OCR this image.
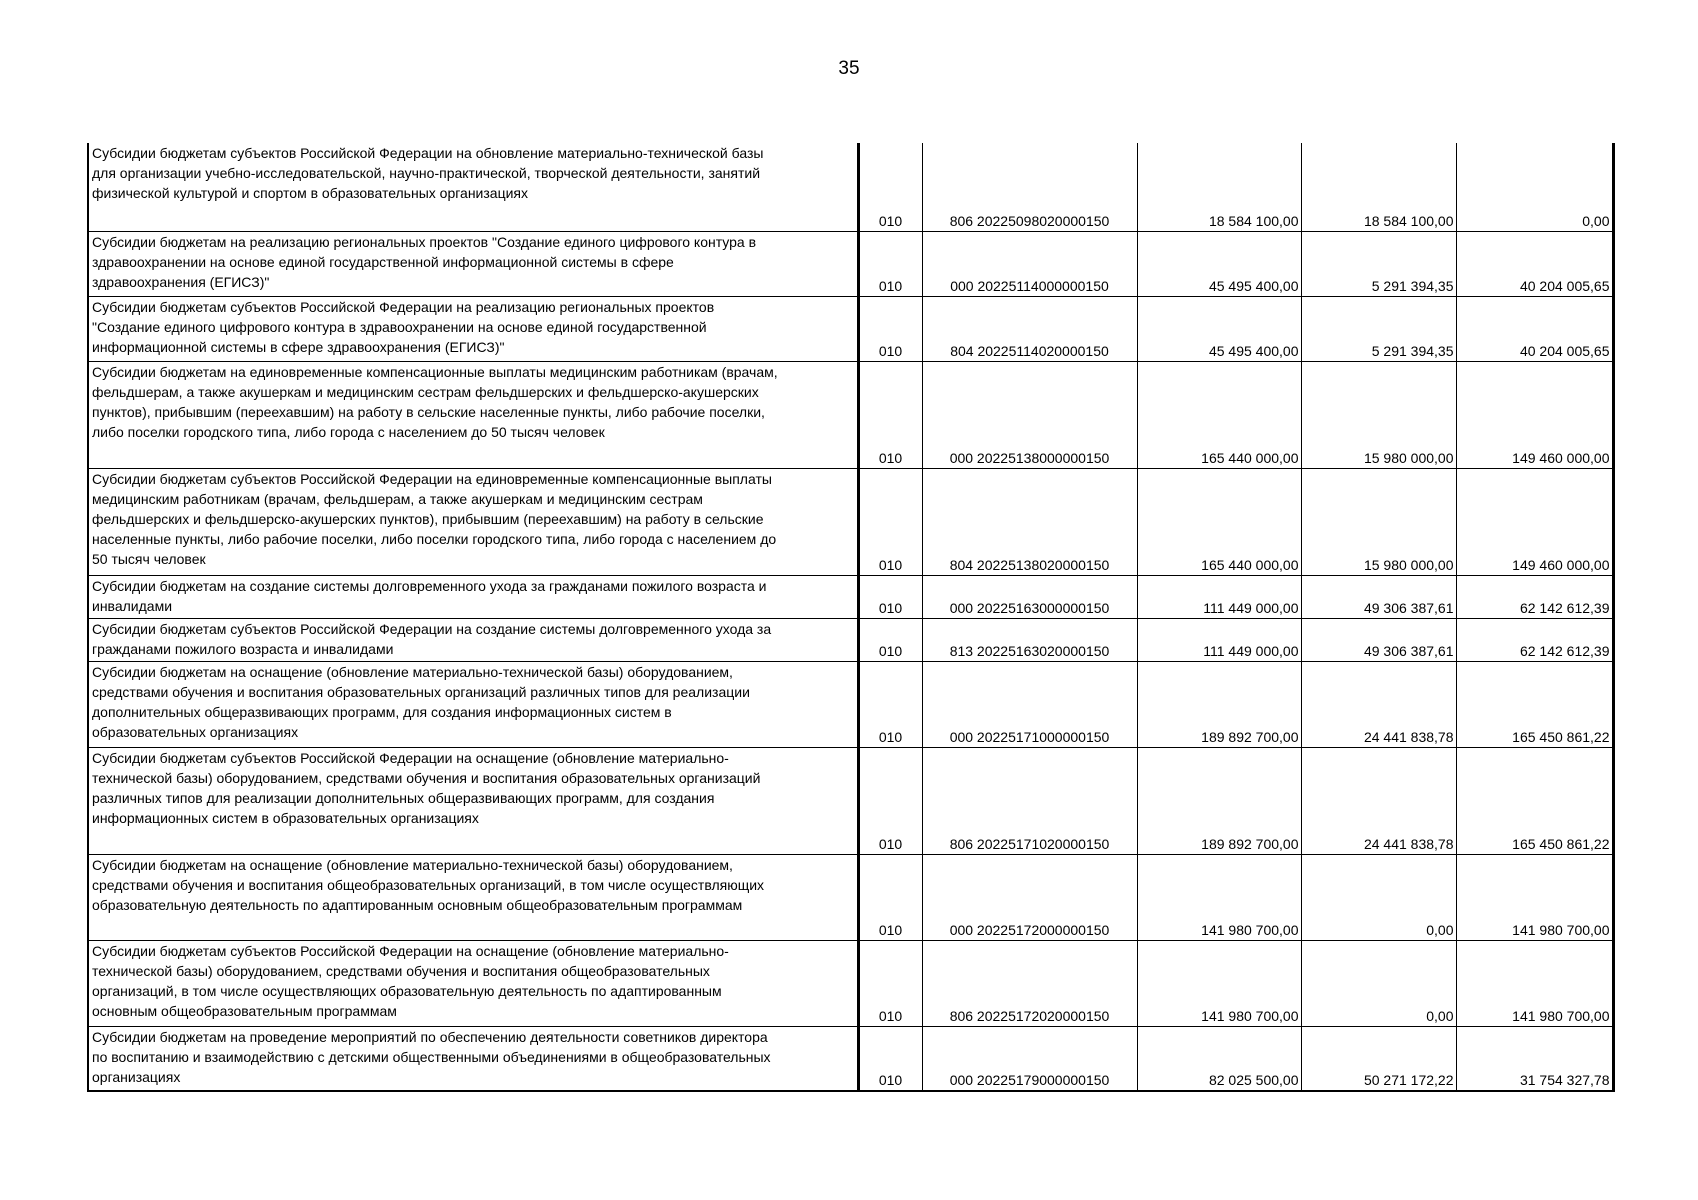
35
Субсидии бюджетам субъектов Российской Федерации на обновление материально-технической базы
для организации учебно-исследовательской, научно-практической, творческой деятельности, занятий
физической культурой и спортом в образовательных организациях	010	806 20225098020000150	18 584 100,00	18 584 100,00	0,00
Субсидии бюджетам на реализацию региональных проектов "Создание единого цифрового контура в
здравоохранении на основе единой государственной информационной системы в сфере
здравоохранения (ЕГИСЗ)"	010	000 20225114000000150	45 495 400,00	5 291 394,35	40 204 005,65
Субсидии бюджетам субъектов Российской Федерации на реализацию региональных проектов
"Создание единого цифрового контура в здравоохранении на основе единой государственной
информационной системы в сфере здравоохранения (ЕГИСЗ)"	010	804 20225114020000150	45 495 400,00	5 291 394,35	40 204 005,65
Субсидии бюджетам на единовременные компенсационные выплаты медицинским работникам (врачам,
фельдшерам, а также акушеркам и медицинским сестрам фельдшерских и фельдшерско-акушерских
пунктов), прибывшим (переехавшим) на работу в сельские населенные пункты, либо рабочие поселки,
либо поселки городского типа, либо города с населением до 50 тысяч человек	010	000 20225138000000150	165 440 000,00	15 980 000,00	149 460 000,00
Субсидии бюджетам субъектов Российской Федерации на единовременные компенсационные выплаты
медицинским работникам (врачам, фельдшерам, а также акушеркам и медицинским сестрам
фельдшерских и фельдшерско-акушерских пунктов), прибывшим (переехавшим) на работу в сельские
населенные пункты, либо рабочие поселки, либо поселки городского типа, либо города с населением до
50 тысяч человек	010	804 20225138020000150	165 440 000,00	15 980 000,00	149 460 000,00
Субсидии бюджетам на создание системы долговременного ухода за гражданами пожилого возраста и
инвалидами	010	000 20225163000000150	111 449 000,00	49 306 387,61	62 142 612,39
Субсидии бюджетам субъектов Российской Федерации на создание системы долговременного ухода за
гражданами пожилого возраста и инвалидами	010	813 20225163020000150	111 449 000,00	49 306 387,61	62 142 612,39
Субсидии бюджетам на оснащение (обновление материально-технической базы) оборудованием,
средствами обучения и воспитания образовательных организаций различных типов для реализации
дополнительных общеразвивающих программ, для создания информационных систем в
образовательных организациях	010	000 20225171000000150	189 892 700,00	24 441 838,78	165 450 861,22
Субсидии бюджетам субъектов Российской Федерации на оснащение (обновление материально-
технической базы) оборудованием, средствами обучения и воспитания образовательных организаций
различных типов для реализации дополнительных общеразвивающих программ, для создания
информационных систем в образовательных организациях	010	806 20225171020000150	189 892 700,00	24 441 838,78	165 450 861,22
Субсидии бюджетам на оснащение (обновление материально-технической базы) оборудованием,
средствами обучения и воспитания общеобразовательных организаций, в том числе осуществляющих
образовательную деятельность по адаптированным основным общеобразовательным программам	010	000 20225172000000150	141 980 700,00	0,00	141 980 700,00
Субсидии бюджетам субъектов Российской Федерации на оснащение (обновление материально-
технической базы) оборудованием, средствами обучения и воспитания общеобразовательных
организаций, в том числе осуществляющих образовательную деятельность по адаптированным
основным общеобразовательным программам	010	806 20225172020000150	141 980 700,00	0,00	141 980 700,00
Субсидии бюджетам на проведение мероприятий по обеспечению деятельности советников директора
по воспитанию и взаимодействию с детскими общественными объединениями в общеобразовательных
организациях	010	000 20225179000000150	82 025 500,00	50 271 172,22	31 754 327,78
